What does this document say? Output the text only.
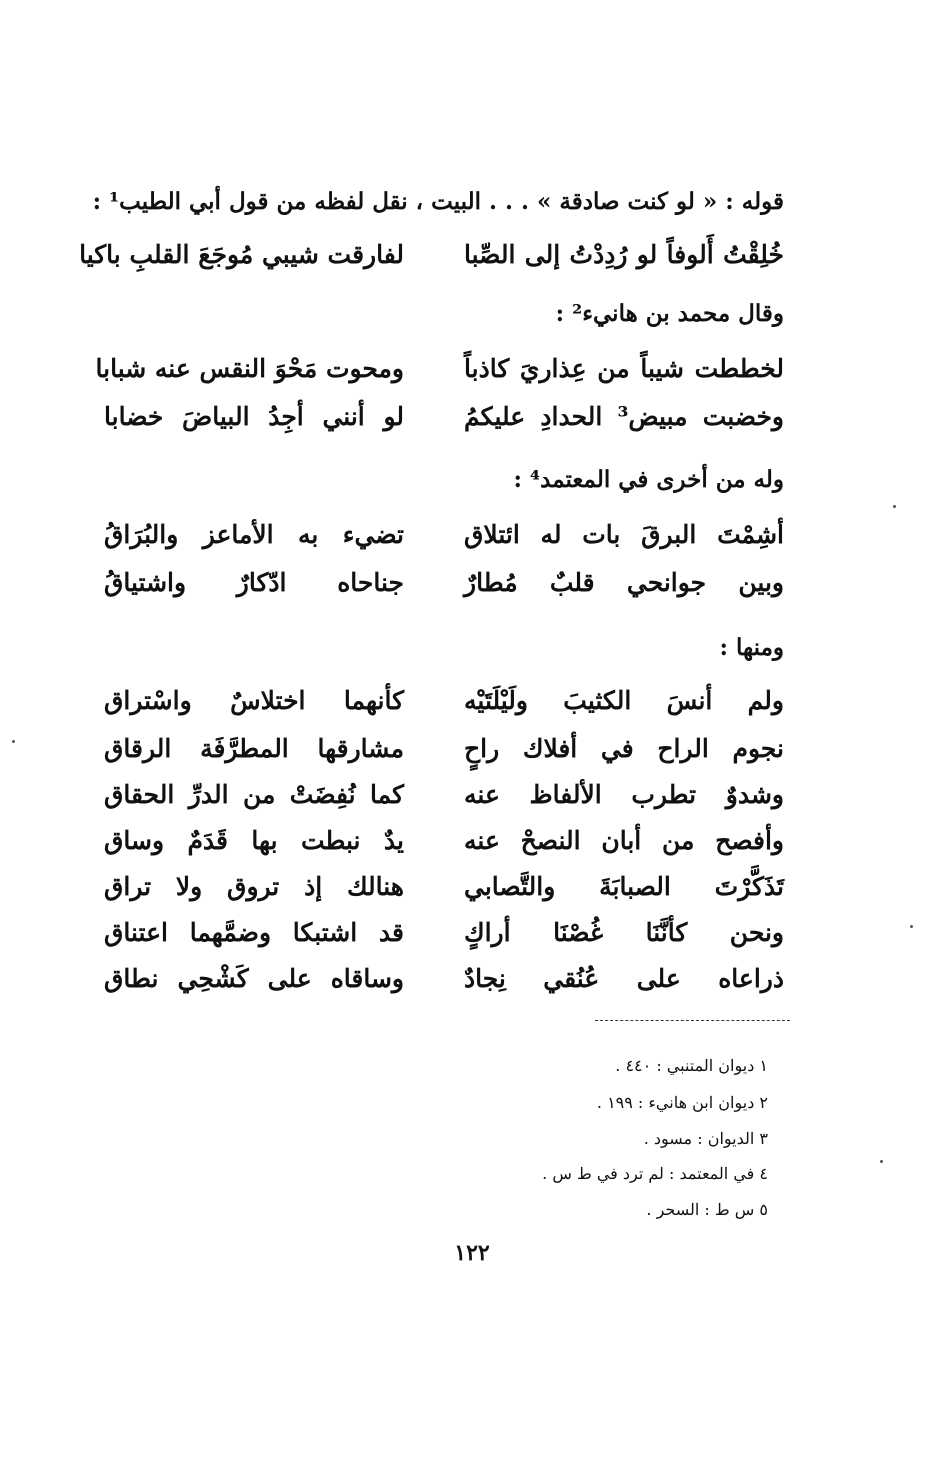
قوله : « لو كنت صادقة » . . . البيت ، نقل لفظه من قول أبي الطيب¹ :
خُلِقْتُ أَلوفاً لو رُدِدْتُ إلى الصِّبا
لفارقت شيبي مُوجَعَ القلبِ باكيا
وقال محمد بن هانيء² :
لخططت شيباً من عِذاريَ كاذباً
ومحوت مَحْوَ النقس عنه شبابا
وخضبت مبيض³ الحدادِ عليكمُ
لو أنني أجِدُ البياضَ خضابا
وله من أخرى في المعتمد⁴ :
أشِمْتَ البرقَ بات له ائتلاق
تضيء به الأماعز والبُرَاقُ
وبين جوانحي قلبٌ مُطارٌ
جناحاه ادّكارٌ واشتياقُ
ومنها :
ولم أنسَ الكثيبَ ولَيْلَتَيْه
كأنهما اختلاسٌ واسْتراق
نجوم الراح في أفلاك راحٍ
مشارقها المطرَّفَة الرقاق
وشدوٌ تطرب الألفاظ عنه
كما نُفِضَتْ من الدرِّ الحقاق
وأفصح من أبان النصحْ عنه
يدٌ نبطت بها قَدَمٌ وساق
تَذَكَّرْتَ الصبابَةَ والتَّصابي
هنالك إذ تروق ولا تراق
ونحن كأنَّنَا غُصْنَا أراكٍ
قد اشتبكا وضمَّهما اعتناق
ذراعاه على عُنُقي نِجادٌ
وساقاه على كَشْحِي نطاق
١ ديوان المتنبي : ٤٤٠ .
٢ ديوان ابن هانيء : ١٩٩ .
٣ الديوان : مسود .
٤ في المعتمد : لم ترد في ط س .
٥ س ط : السحر .
١٢٢
